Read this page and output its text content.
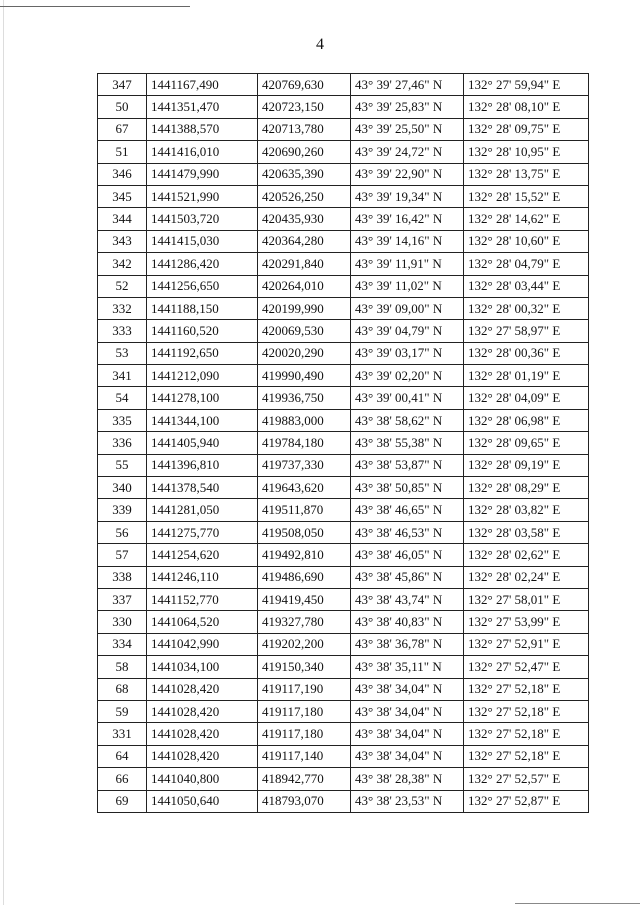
4
347	1441167,490	420769,630	43° 39' 27,46" N	132° 27' 59,94" E
50	1441351,470	420723,150	43° 39' 25,83" N	132° 28' 08,10" E
67	1441388,570	420713,780	43° 39' 25,50" N	132° 28' 09,75" E
51	1441416,010	420690,260	43° 39' 24,72" N	132° 28' 10,95" E
346	1441479,990	420635,390	43° 39' 22,90" N	132° 28' 13,75" E
345	1441521,990	420526,250	43° 39' 19,34" N	132° 28' 15,52" E
344	1441503,720	420435,930	43° 39' 16,42" N	132° 28' 14,62" E
343	1441415,030	420364,280	43° 39' 14,16" N	132° 28' 10,60" E
342	1441286,420	420291,840	43° 39' 11,91" N	132° 28' 04,79" E
52	1441256,650	420264,010	43° 39' 11,02" N	132° 28' 03,44" E
332	1441188,150	420199,990	43° 39' 09,00" N	132° 28' 00,32" E
333	1441160,520	420069,530	43° 39' 04,79" N	132° 27' 58,97" E
53	1441192,650	420020,290	43° 39' 03,17" N	132° 28' 00,36" E
341	1441212,090	419990,490	43° 39' 02,20" N	132° 28' 01,19" E
54	1441278,100	419936,750	43° 39' 00,41" N	132° 28' 04,09" E
335	1441344,100	419883,000	43° 38' 58,62" N	132° 28' 06,98" E
336	1441405,940	419784,180	43° 38' 55,38" N	132° 28' 09,65" E
55	1441396,810	419737,330	43° 38' 53,87" N	132° 28' 09,19" E
340	1441378,540	419643,620	43° 38' 50,85" N	132° 28' 08,29" E
339	1441281,050	419511,870	43° 38' 46,65" N	132° 28' 03,82" E
56	1441275,770	419508,050	43° 38' 46,53" N	132° 28' 03,58" E
57	1441254,620	419492,810	43° 38' 46,05" N	132° 28' 02,62" E
338	1441246,110	419486,690	43° 38' 45,86" N	132° 28' 02,24" E
337	1441152,770	419419,450	43° 38' 43,74" N	132° 27' 58,01" E
330	1441064,520	419327,780	43° 38' 40,83" N	132° 27' 53,99" E
334	1441042,990	419202,200	43° 38' 36,78" N	132° 27' 52,91" E
58	1441034,100	419150,340	43° 38' 35,11" N	132° 27' 52,47" E
68	1441028,420	419117,190	43° 38' 34,04" N	132° 27' 52,18" E
59	1441028,420	419117,180	43° 38' 34,04" N	132° 27' 52,18" E
331	1441028,420	419117,180	43° 38' 34,04" N	132° 27' 52,18" E
64	1441028,420	419117,140	43° 38' 34,04" N	132° 27' 52,18" E
66	1441040,800	418942,770	43° 38' 28,38" N	132° 27' 52,57" E
69	1441050,640	418793,070	43° 38' 23,53" N	132° 27' 52,87" E
